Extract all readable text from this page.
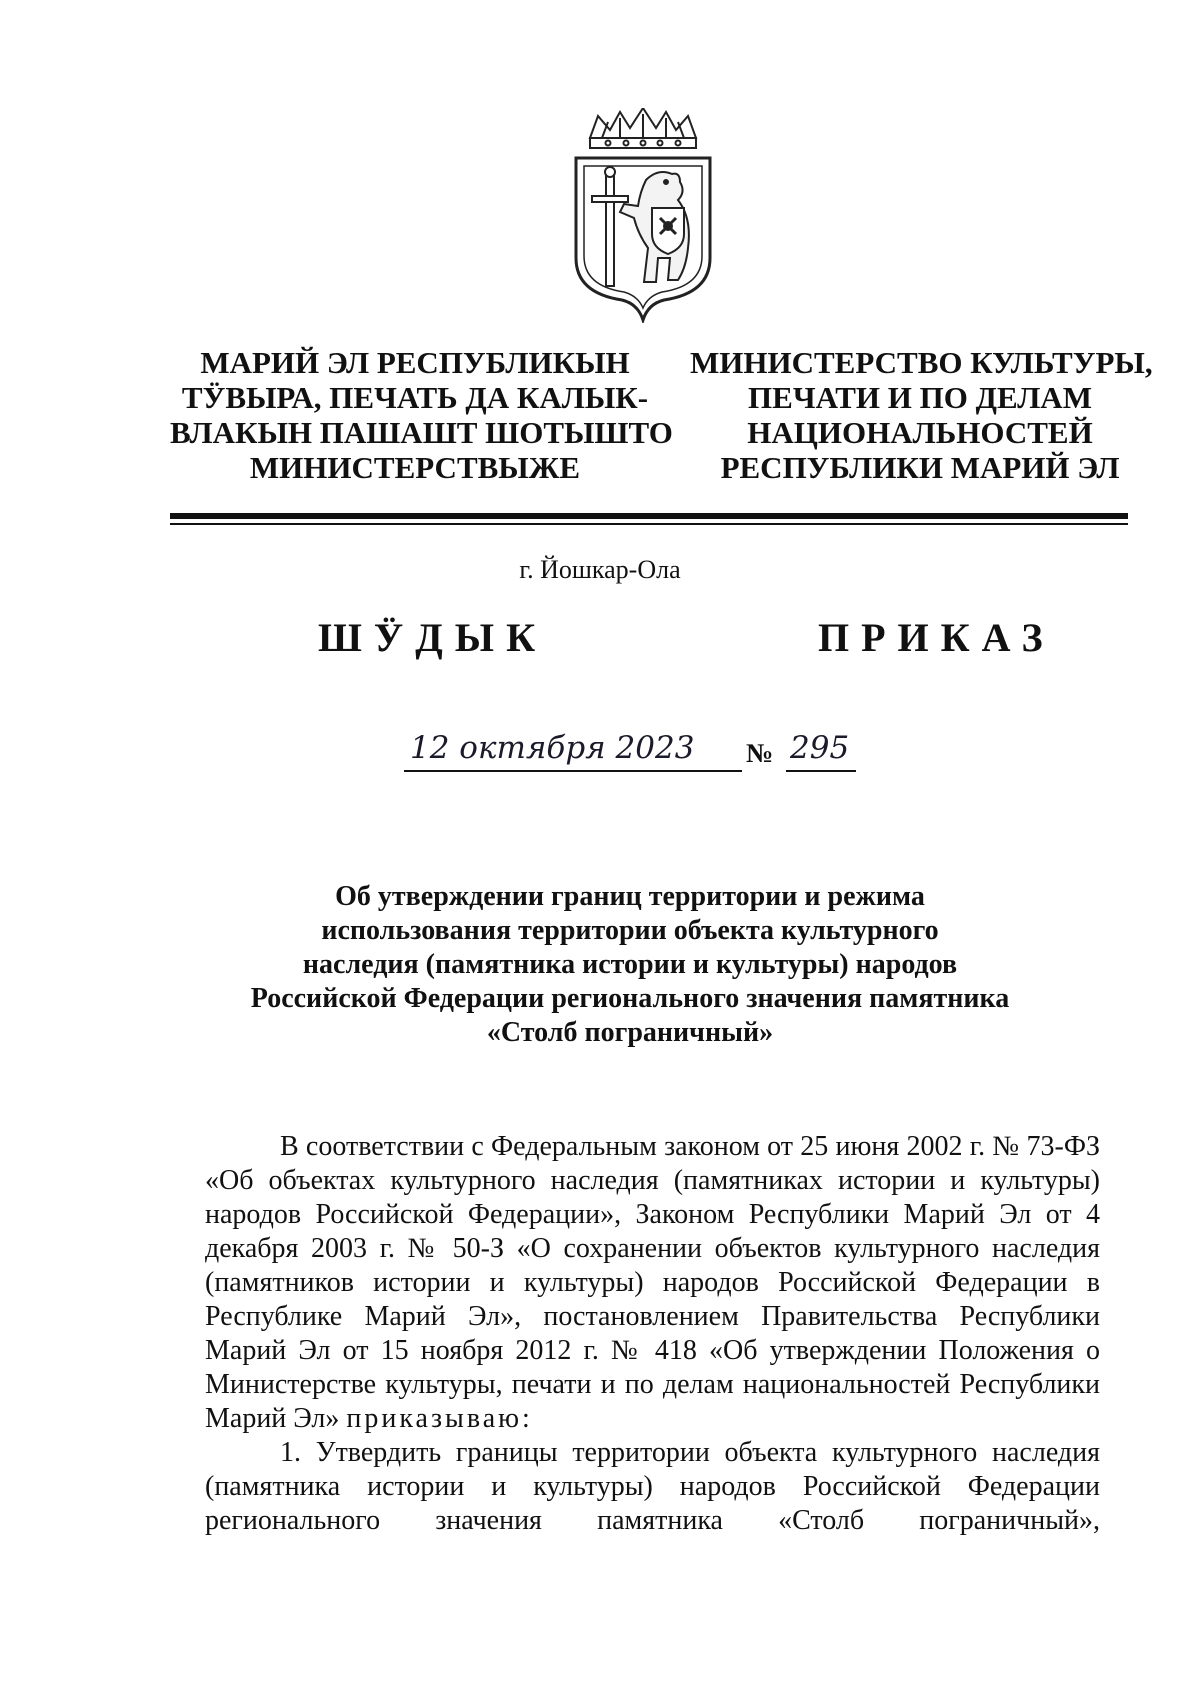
МАРИЙ ЭЛ РЕСПУБЛИКЫН
ТӰВЫРА, ПЕЧАТЬ ДА КАЛЫК-
ВЛАКЫН ПАШАШТ ШОТЫШТО
МИНИСТЕРСТВЫЖЕ
МИНИСТЕРСТВО КУЛЬТУРЫ,
ПЕЧАТИ И ПО ДЕЛАМ
НАЦИОНАЛЬНОСТЕЙ
РЕСПУБЛИКИ МАРИЙ ЭЛ
г. Йошкар-Ола
ШӰДЫК	ПРИКАЗ
12 октября 2023 № 295
Об утверждении границ территории и режима
использования территории объекта культурного
наследия (памятника истории и культуры) народов
Российской Федерации регионального значения памятника
«Столб пограничный»

В соответствии с Федеральным законом от 25 июня 2002 г. № 73-ФЗ «Об объектах культурного наследия (памятниках истории и культуры) народов Российской Федерации», Законом Республики Марий Эл от 4 декабря 2003 г. № 50-З «О сохранении объектов культурного наследия (памятников истории и культуры) народов Российской Федерации в Республике Марий Эл», постановлением Правительства Республики Марий Эл от 15 ноября 2012 г. № 418 «Об утверждении Положения о Министерстве культуры, печати и по делам национальностей Республики Марий Эл» приказываю:

1. Утвердить границы территории объекта культурного наследия (памятника истории и культуры) народов Российской Федерации регионального значения памятника «Столб пограничный»,
